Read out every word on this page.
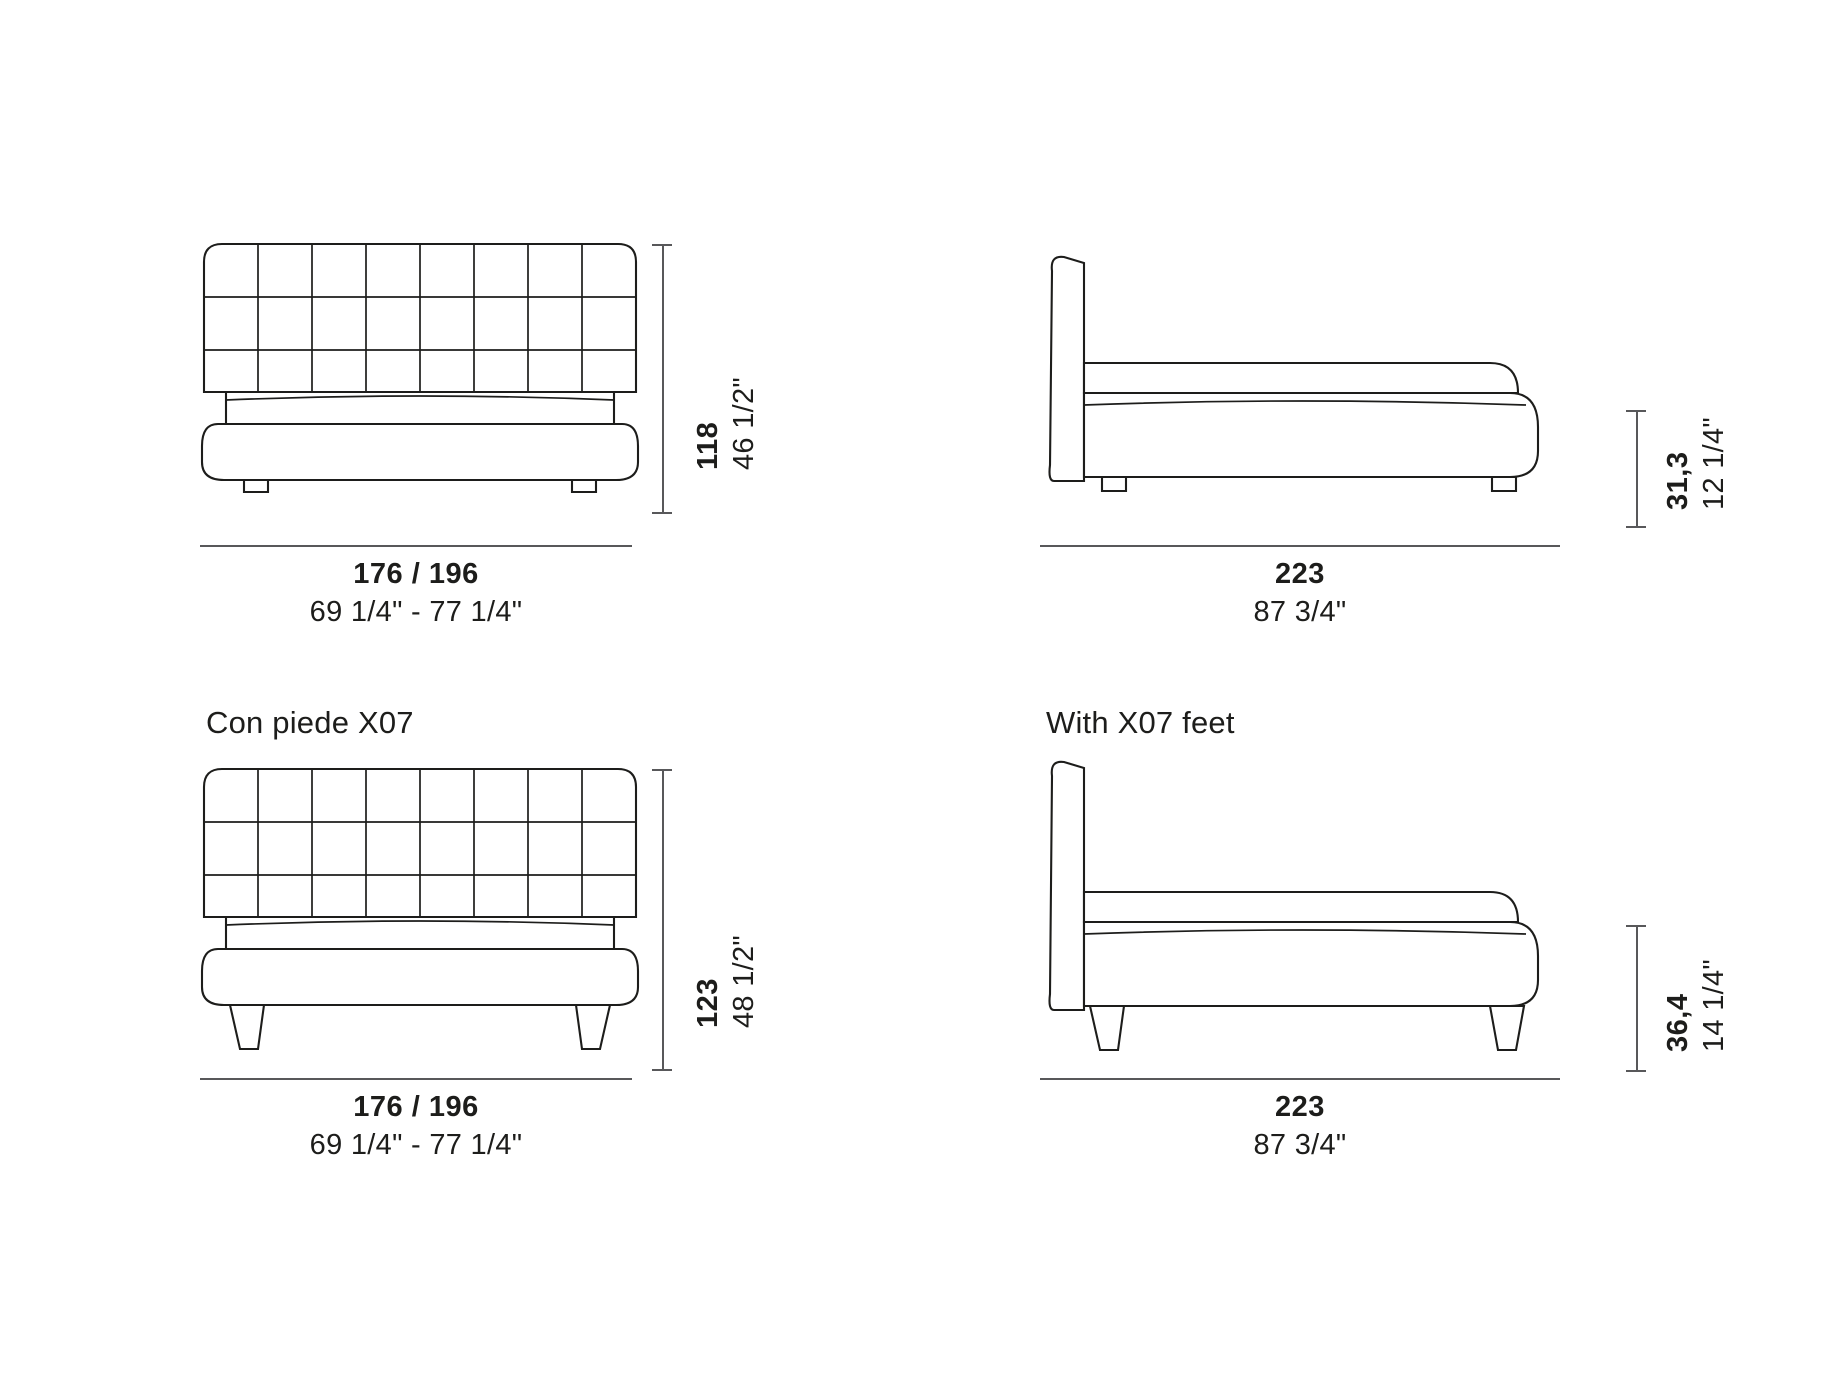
118 46 1/2"
176 / 196
69 1/4" - 77 1/4"
31,3 12 1/4"
223
87 3/4"
Con piede X07	With X07 feet
123 48 1/2"
176 / 196
69 1/4" - 77 1/4"
36,4 14 1/4"
223
87 3/4"
